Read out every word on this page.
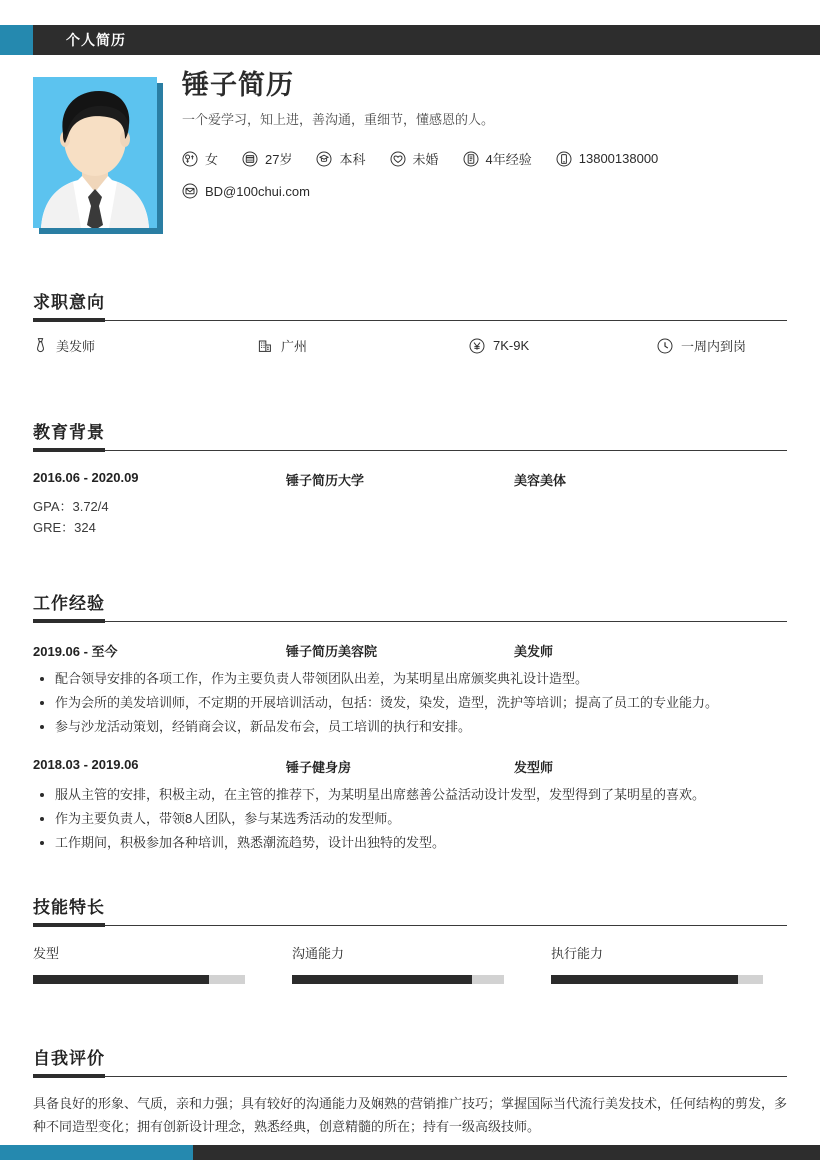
个人简历
锤子简历
一个爱学习，知上进，善沟通，重细节，懂感恩的人。
女	27岁	本科	未婚	4年经验	13800138000
BD@100chui.com
求职意向
美发师	广州	7K-9K	一周内到岗
教育背景
2016.06 - 2020.09	锤子简历大学	美容美体
GPA：3.72/4
GRE：324
工作经验
2019.06 - 至今	锤子简历美容院	美发师
配合领导安排的各项工作，作为主要负责人带领团队出差，为某明星出席颁奖典礼设计造型。
作为会所的美发培训师，不定期的开展培训活动，包括：烫发，染发，造型，洗护等培训；提高了员工的专业能力。
参与沙龙活动策划，经销商会议，新品发布会，员工培训的执行和安排。
2018.03 - 2019.06	锤子健身房	发型师
服从主管的安排，积极主动，在主管的推荐下，为某明星出席慈善公益活动设计发型，发型得到了某明星的喜欢。
作为主要负责人，带领8人团队，参与某选秀活动的发型师。
工作期间，积极参加各种培训，熟悉潮流趋势，设计出独特的发型。
技能特长
发型	沟通能力	执行能力
自我评价
具备良好的形象、气质，亲和力强；具有较好的沟通能力及娴熟的营销推广技巧；掌握国际当代流行美发技术，任何结构的剪发，多种不同造型变化；拥有创新设计理念，熟悉经典，创意精髓的所在；持有一级高级技师。
